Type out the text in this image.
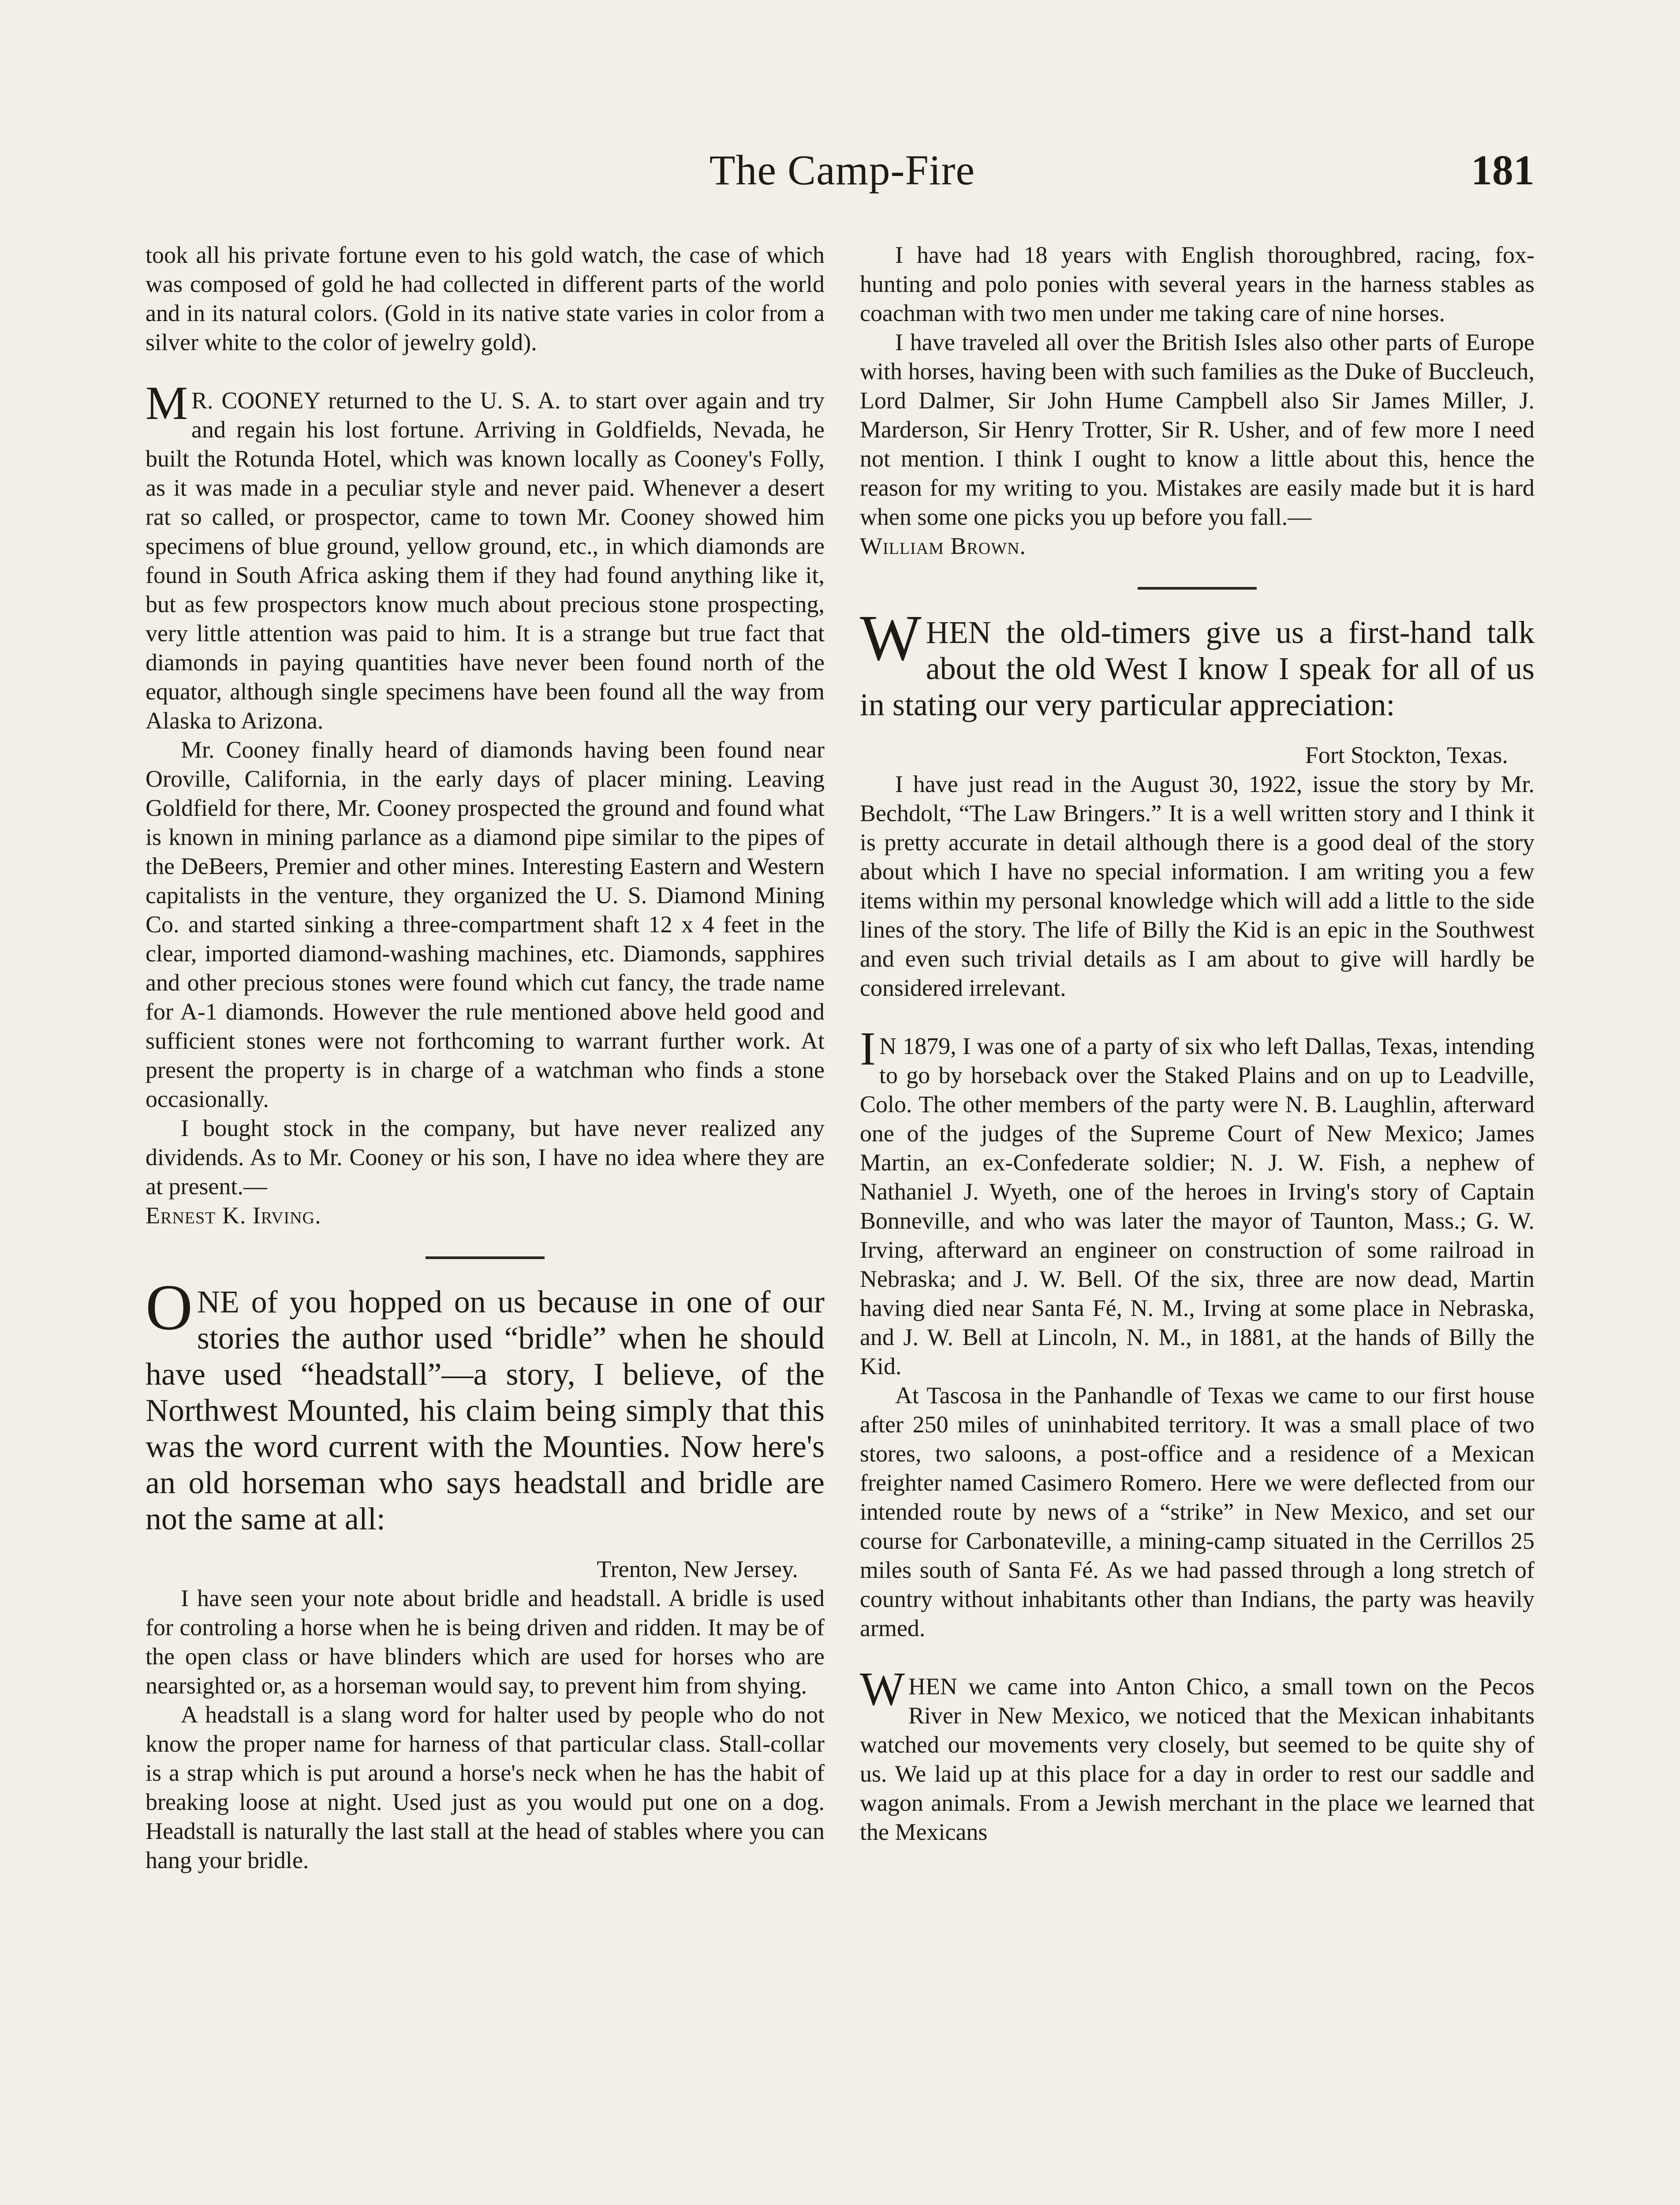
The Camp-Fire	181

took all his private fortune even to his gold watch, the case of which was composed of gold he had collected in different parts of the world and in its natural colors. (Gold in its native state varies in color from a silver white to the color of jewelry gold).

M R. COONEY returned to the U. S. A. to start over again and try and regain his lost fortune. Arriving in Goldfields, Nevada, he built the Rotunda Hotel, which was known locally as Cooney's Folly, as it was made in a peculiar style and never paid. Whenever a desert rat so called, or prospector, came to town Mr. Cooney showed him specimens of blue ground, yellow ground, etc., in which diamonds are found in South Africa asking them if they had found anything like it, but as few prospectors know much about precious stone prospecting, very little attention was paid to him. It is a strange but true fact that diamonds in paying quantities have never been found north of the equator, although single specimens have been found all the way from Alaska to Arizona.

Mr. Cooney finally heard of diamonds having been found near Oroville, California, in the early days of placer mining. Leaving Goldfield for there, Mr. Cooney prospected the ground and found what is known in mining parlance as a diamond pipe similar to the pipes of the DeBeers, Premier and other mines. Interesting Eastern and Western capitalists in the venture, they organized the U. S. Diamond Mining Co. and started sinking a three-compartment shaft 12 x 4 feet in the clear, imported diamond-washing machines, etc. Diamonds, sapphires and other precious stones were found which cut fancy, the trade name for A-1 diamonds. However the rule mentioned above held good and sufficient stones were not forthcoming to warrant further work. At present the property is in charge of a watchman who finds a stone occasionally.

I bought stock in the company, but have never realized any dividends. As to Mr. Cooney or his son, I have no idea where they are at present.—
Ernest K. Irving.

ONE of you hopped on us because in one of our stories the author used “bridle” when he should have used “headstall”—a story, I believe, of the Northwest Mounted, his claim being simply that this was the word current with the Mounties. Now here's an old horseman who says headstall and bridle are not the same at all:

Trenton, New Jersey.

I have seen your note about bridle and headstall. A bridle is used for controling a horse when he is being driven and ridden. It may be of the open class or have blinders which are used for horses who are nearsighted or, as a horseman would say, to prevent him from shying.

A headstall is a slang word for halter used by people who do not know the proper name for harness of that particular class. Stall-collar is a strap which is put around a horse's neck when he has the habit of breaking loose at night. Used just as you would put one on a dog. Headstall is naturally the last stall at the head of stables where you can hang your bridle.

I have had 18 years with English thoroughbred, racing, fox-hunting and polo ponies with several years in the harness stables as coachman with two men under me taking care of nine horses.

I have traveled all over the British Isles also other parts of Europe with horses, having been with such families as the Duke of Buccleuch, Lord Dalmer, Sir John Hume Campbell also Sir James Miller, J. Marderson, Sir Henry Trotter, Sir R. Usher, and of few more I need not mention. I think I ought to know a little about this, hence the reason for my writing to you. Mistakes are easily made but it is hard when some one picks you up before you fall.—
William Brown.

WHEN the old-timers give us a first-hand talk about the old West I know I speak for all of us in stating our very particular appreciation:

Fort Stockton, Texas.

I have just read in the August 30, 1922, issue the story by Mr. Bechdolt, “The Law Bringers.” It is a well written story and I think it is pretty accurate in detail although there is a good deal of the story about which I have no special information. I am writing you a few items within my personal knowledge which will add a little to the side lines of the story. The life of Billy the Kid is an epic in the Southwest and even such trivial details as I am about to give will hardly be considered irrelevant.

I N 1879, I was one of a party of six who left Dallas, Texas, intending to go by horseback over the Staked Plains and on up to Leadville, Colo. The other members of the party were N. B. Laughlin, afterward one of the judges of the Supreme Court of New Mexico; James Martin, an ex-Confederate soldier; N. J. W. Fish, a nephew of Nathaniel J. Wyeth, one of the heroes in Irving's story of Captain Bonneville, and who was later the mayor of Taunton, Mass.; G. W. Irving, afterward an engineer on construction of some railroad in Nebraska; and J. W. Bell. Of the six, three are now dead, Martin having died near Santa Fé, N. M., Irving at some place in Nebraska, and J. W. Bell at Lincoln, N. M., in 1881, at the hands of Billy the Kid.

At Tascosa in the Panhandle of Texas we came to our first house after 250 miles of uninhabited territory. It was a small place of two stores, two saloons, a post-office and a residence of a Mexican freighter named Casimero Romero. Here we were deflected from our intended route by news of a “strike” in New Mexico, and set our course for Carbonateville, a mining-camp situated in the Cerrillos 25 miles south of Santa Fé. As we had passed through a long stretch of country without inhabitants other than Indians, the party was heavily armed.

WHEN we came into Anton Chico, a small town on the Pecos River in New Mexico, we noticed that the Mexican inhabitants watched our movements very closely, but seemed to be quite shy of us. We laid up at this place for a day in order to rest our saddle and wagon animals. From a Jewish merchant in the place we learned that the Mexicans
